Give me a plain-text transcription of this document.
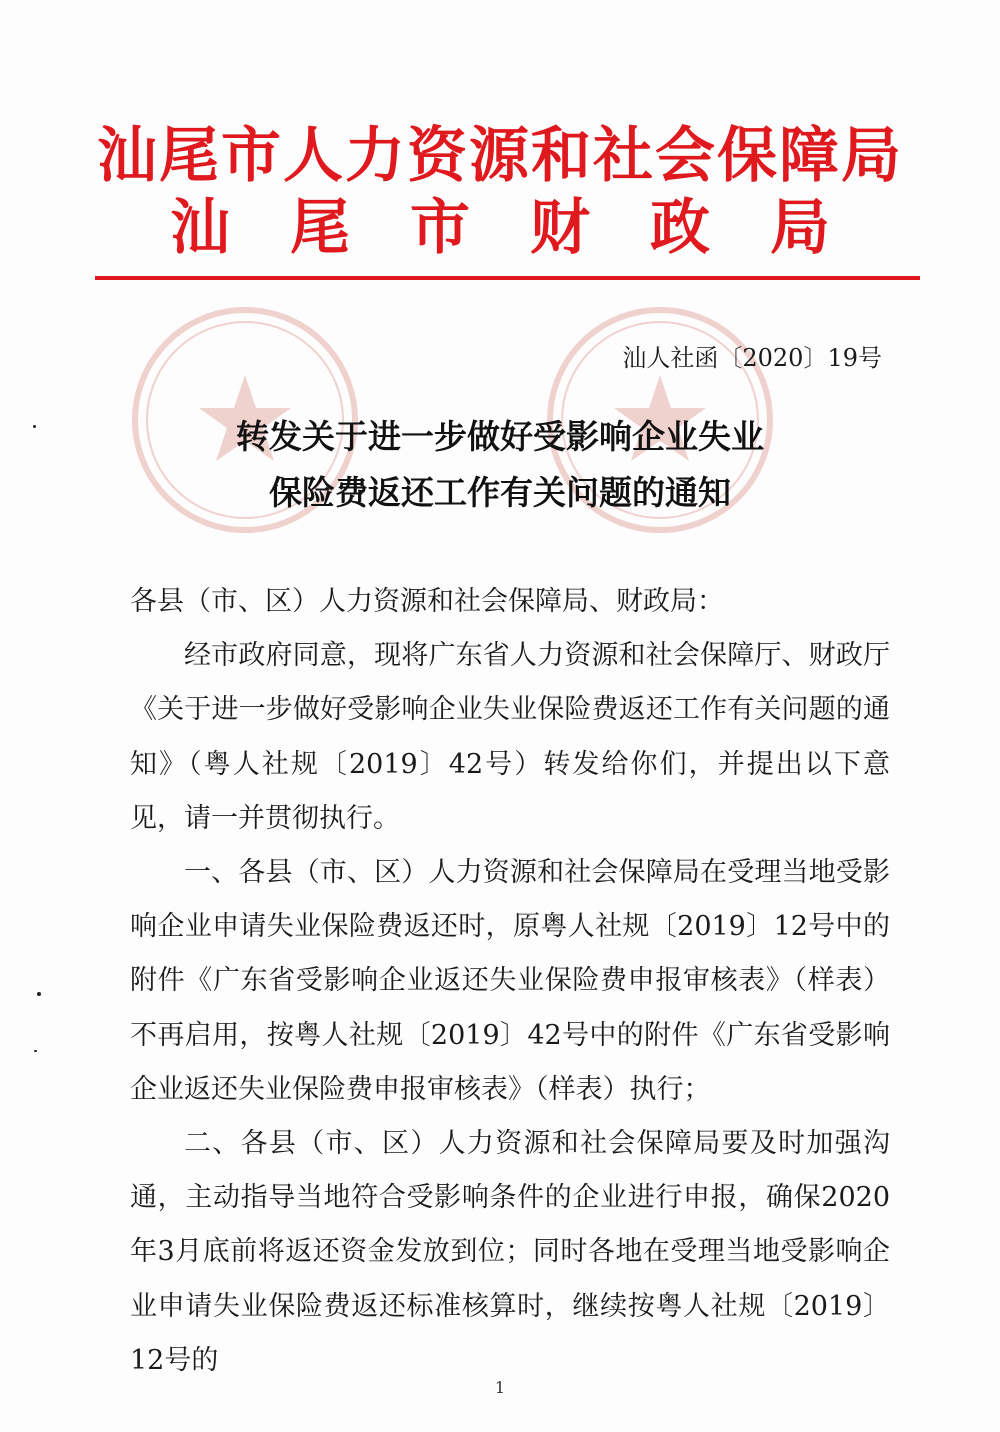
汕尾市人力资源和社会保障局
汕尾市财政局
汕人社函〔2020〕19号
转发关于进一步做好受影响企业失业
保险费返还工作有关问题的通知

各县（市、区）人力资源和社会保障局、财政局：

经市政府同意，现将广东省人力资源和社会保障厅、财政厅《关于进一步做好受影响企业失业保险费返还工作有关问题的通知》（粤人社规〔2019〕42号）转发给你们，并提出以下意见，请一并贯彻执行。

一、各县（市、区）人力资源和社会保障局在受理当地受影响企业申请失业保险费返还时，原粤人社规〔2019〕12号中的附件《广东省受影响企业返还失业保险费申报审核表》（样表）不再启用，按粤人社规〔2019〕42号中的附件《广东省受影响企业返还失业保险费申报审核表》（样表）执行；

二、各县（市、区）人力资源和社会保障局要及时加强沟通，主动指导当地符合受影响条件的企业进行申报，确保2020年3月底前将返还资金发放到位；同时各地在受理当地受影响企业申请失业保险费返还标准核算时，继续按粤人社规〔2019〕12号的

1
